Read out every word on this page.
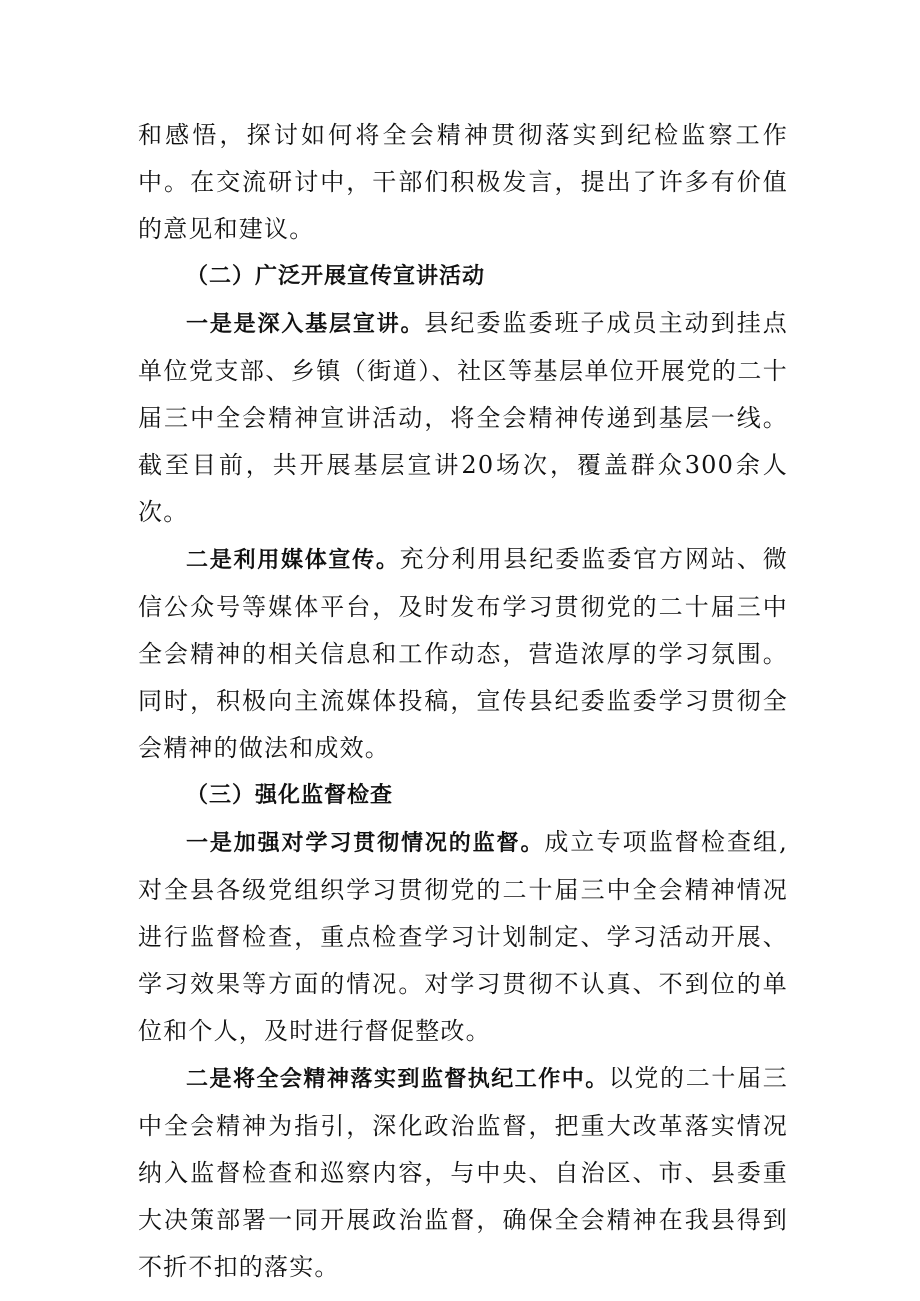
和感悟，探讨如何将全会精神贯彻落实到纪检监察工作中。在交流研讨中，干部们积极发言，提出了许多有价值的意见和建议。

（二）广泛开展宣传宣讲活动

一是是深入基层宣讲。县纪委监委班子成员主动到挂点单位党支部、乡镇（街道）、社区等基层单位开展党的二十届三中全会精神宣讲活动，将全会精神传递到基层一线。截至目前，共开展基层宣讲20场次，覆盖群众300余人次。

二是利用媒体宣传。充分利用县纪委监委官方网站、微信公众号等媒体平台，及时发布学习贯彻党的二十届三中全会精神的相关信息和工作动态，营造浓厚的学习氛围。同时，积极向主流媒体投稿，宣传县纪委监委学习贯彻全会精神的做法和成效。

（三）强化监督检查

一是加强对学习贯彻情况的监督。成立专项监督检查组,对全县各级党组织学习贯彻党的二十届三中全会精神情况进行监督检查，重点检查学习计划制定、学习活动开展、学习效果等方面的情况。对学习贯彻不认真、不到位的单位和个人，及时进行督促整改。

二是将全会精神落实到监督执纪工作中。以党的二十届三中全会精神为指引，深化政治监督，把重大改革落实情况纳入监督检查和巡察内容，与中央、自治区、市、县委重大决策部署一同开展政治监督，确保全会精神在我县得到不折不扣的落实。
